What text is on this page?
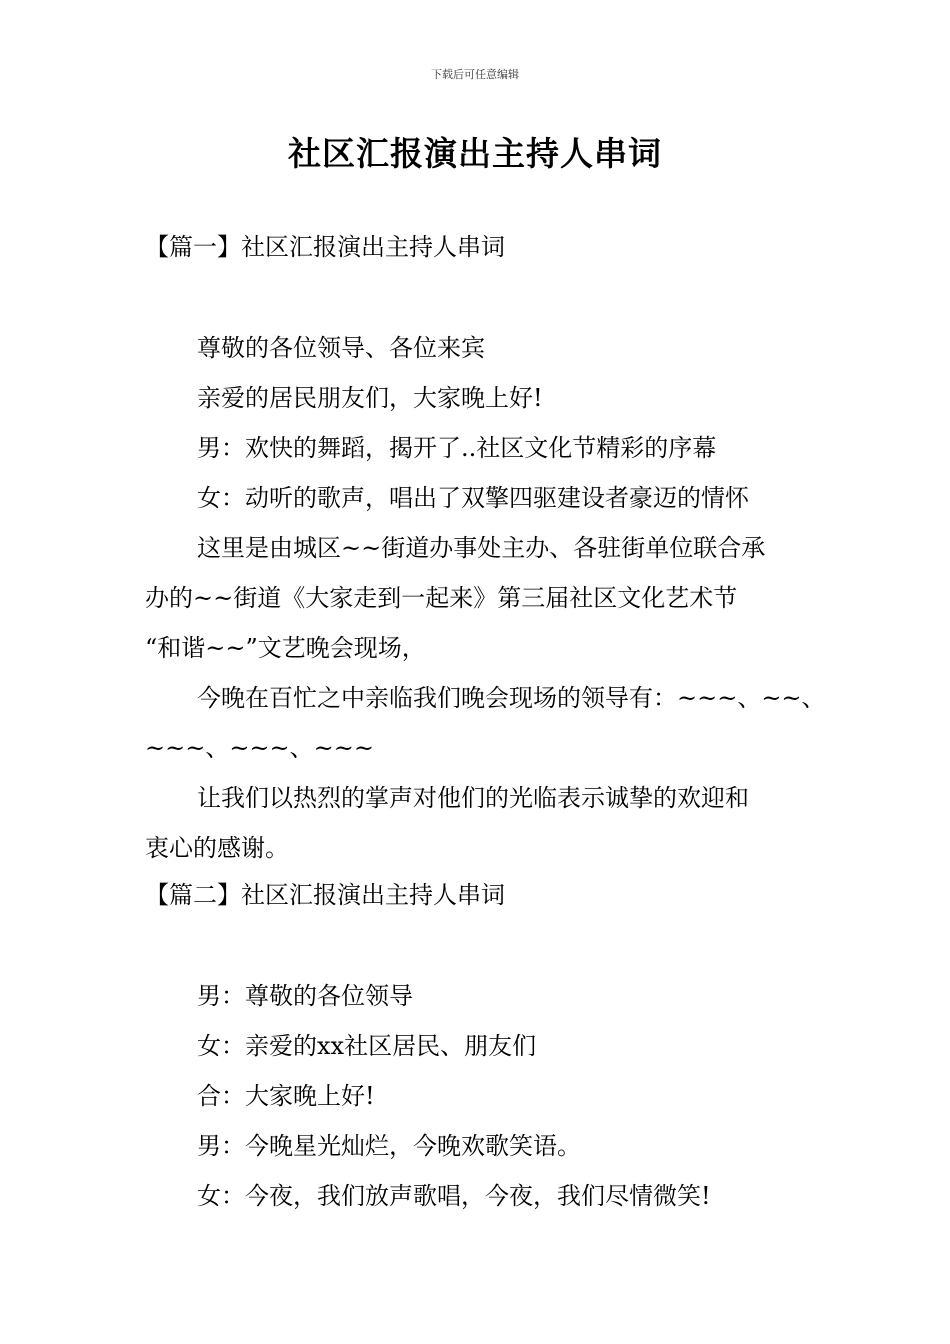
下载后可任意编辑
社区汇报演出主持人串词
【篇一】社区汇报演出主持人串词
尊敬的各位领导、各位来宾
亲爱的居民朋友们，大家晚上好!
男：欢快的舞蹈，揭开了..社区文化节精彩的序幕
女：动听的歌声，唱出了双擎四驱建设者豪迈的情怀
这里是由城区~~街道办事处主办、各驻街单位联合承
办的~~街道《大家走到一起来》第三届社区文化艺术节
“和谐~~”文艺晚会现场，
今晚在百忙之中亲临我们晚会现场的领导有：~~~、~~、
~~~、~~~、~~~
让我们以热烈的掌声对他们的光临表示诚挚的欢迎和
衷心的感谢。
【篇二】社区汇报演出主持人串词
男：尊敬的各位领导
女：亲爱的xx社区居民、朋友们
合：大家晚上好!
男：今晚星光灿烂，今晚欢歌笑语。
女：今夜，我们放声歌唱，今夜，我们尽情微笑!
